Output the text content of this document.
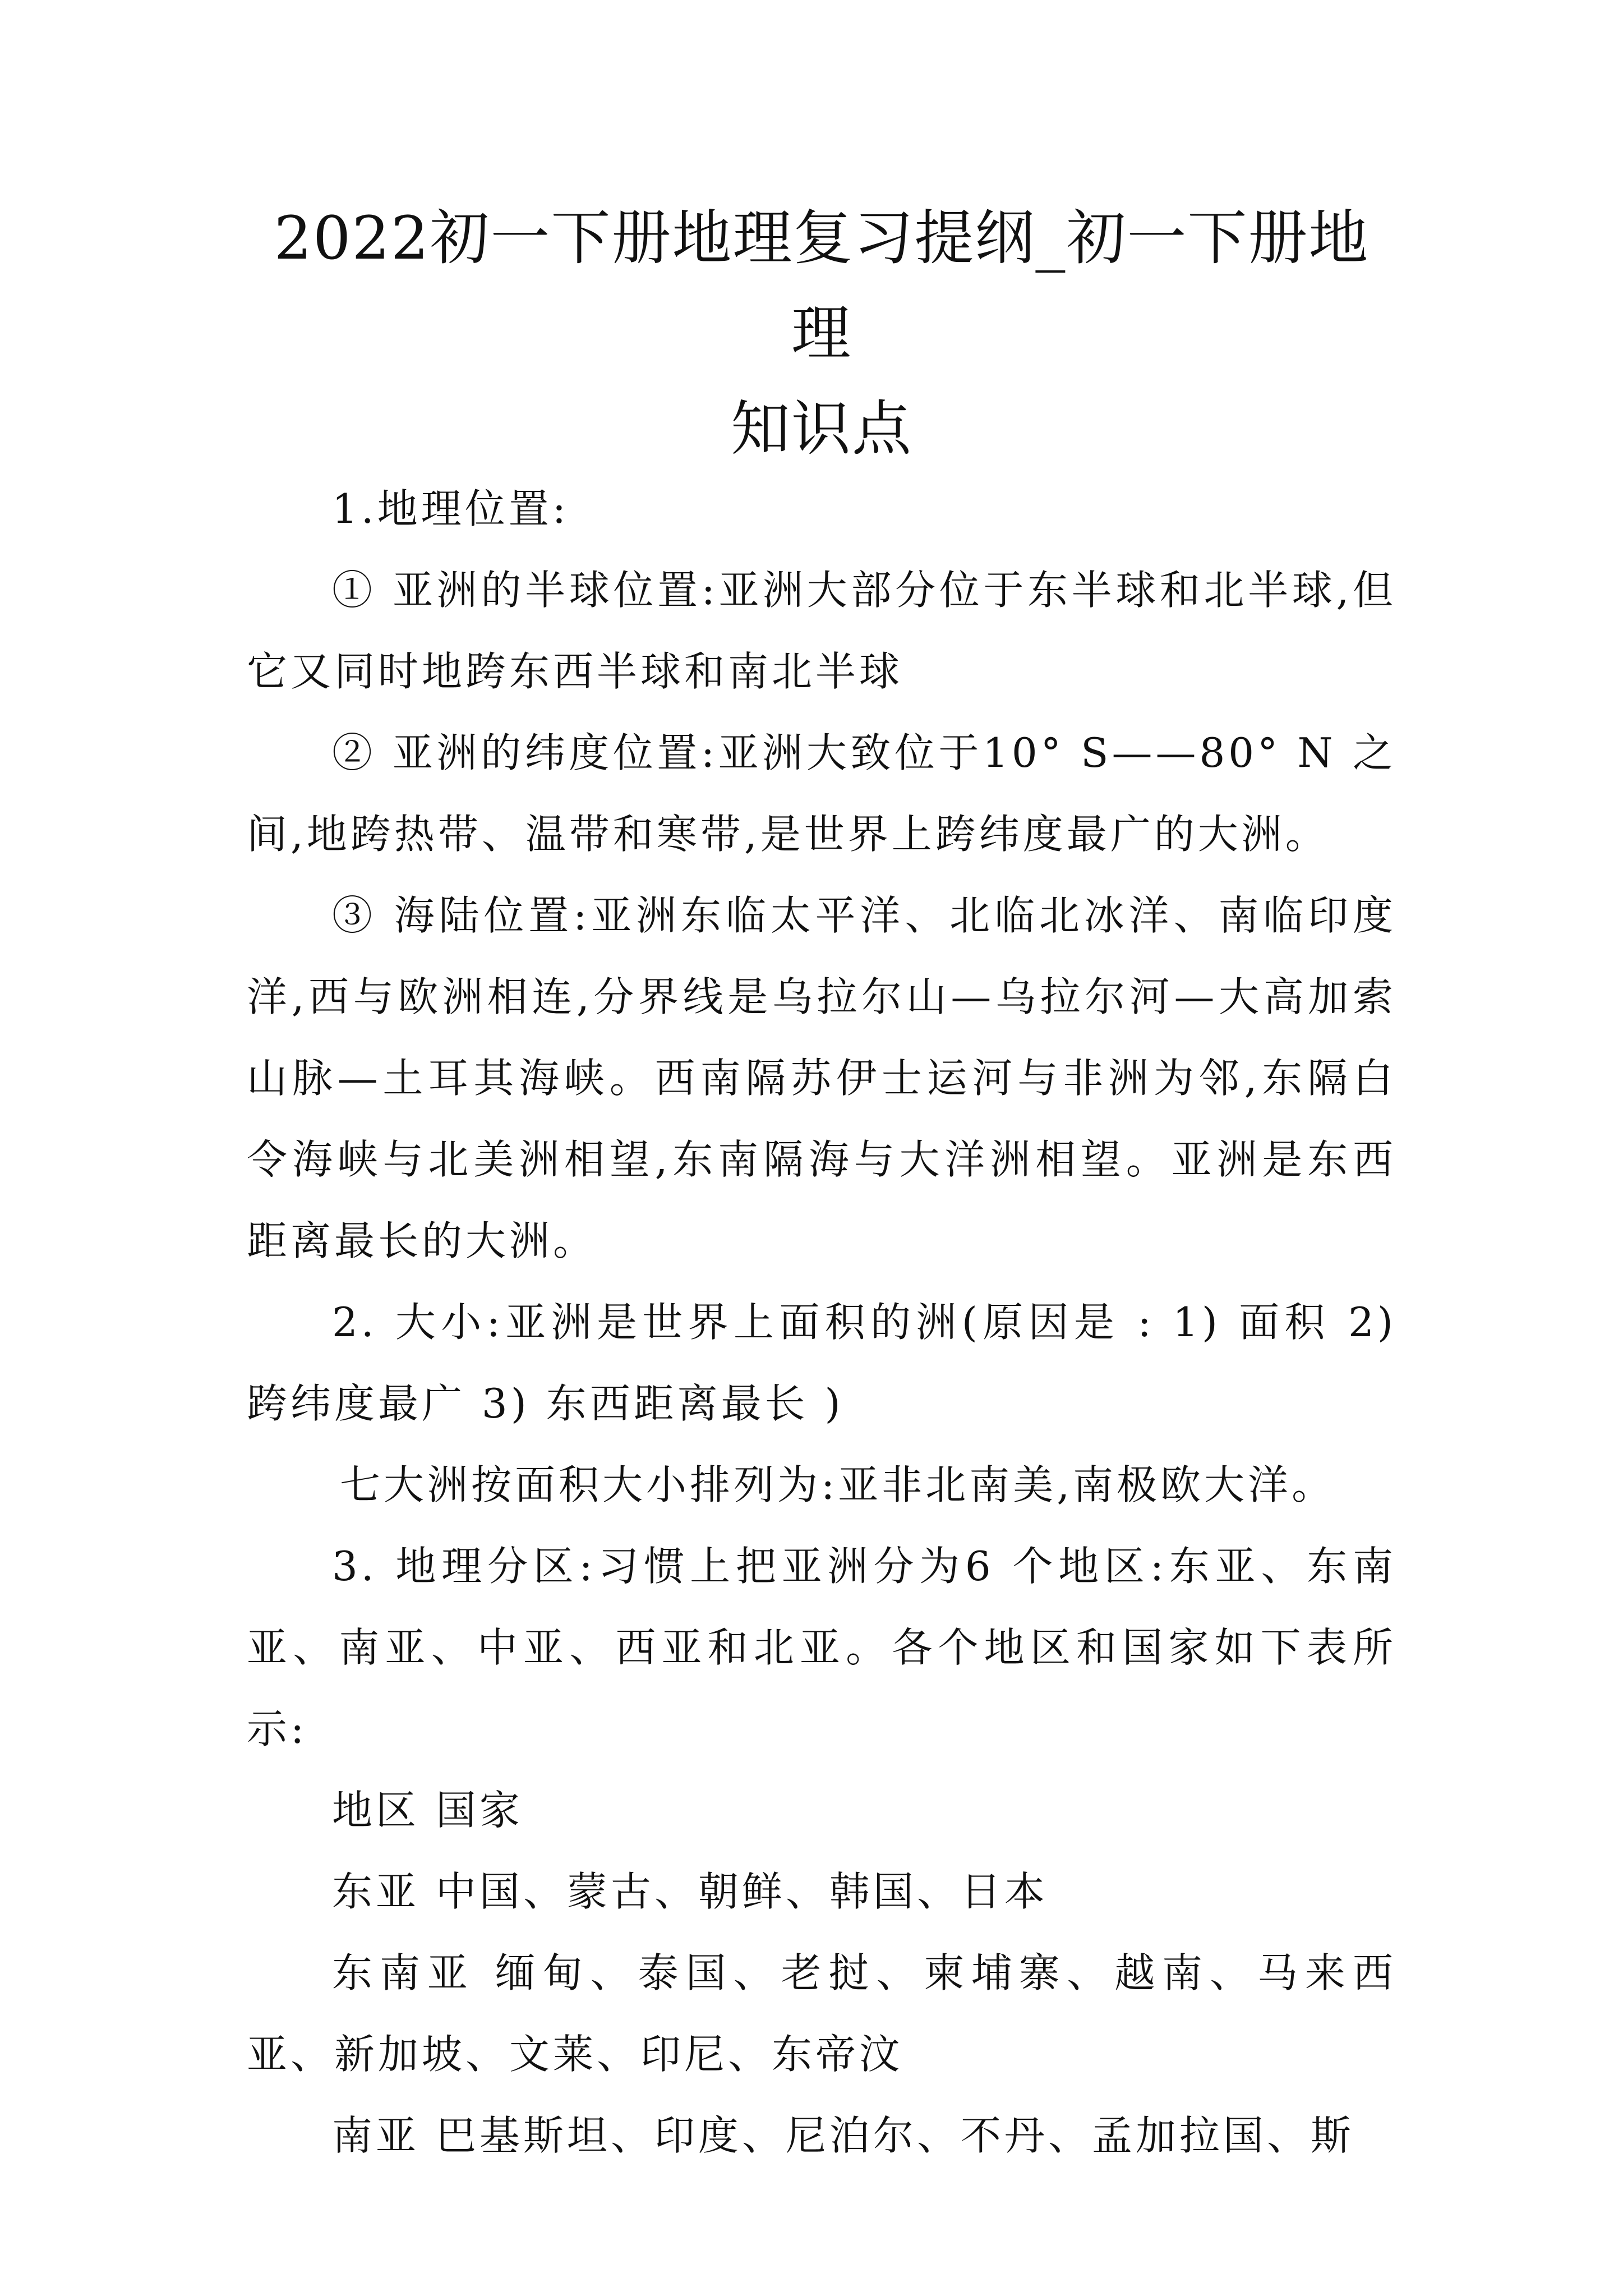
2022初一下册地理复习提纲_初一下册地理
知识点

1.地理位置:

① 亚洲的半球位置:亚洲大部分位于东半球和北半球,但它又同时地跨东西半球和南北半球

② 亚洲的纬度位置:亚洲大致位于10° S——80° N 之间,地跨热带、温带和寒带,是世界上跨纬度最广的大洲。

③ 海陆位置:亚洲东临太平洋、北临北冰洋、南临印度洋,西与欧洲相连,分界线是乌拉尔山—乌拉尔河—大高加索山脉—土耳其海峡。西南隔苏伊士运河与非洲为邻,东隔白令海峡与北美洲相望,东南隔海与大洋洲相望。亚洲是东西距离最长的大洲。

2. 大小:亚洲是世界上面积的洲(原因是 : 1) 面积 2) 跨纬度最广 3) 东西距离最长 )

七大洲按面积大小排列为:亚非北南美,南极欧大洋。

3. 地理分区:习惯上把亚洲分为6 个地区:东亚、东南亚、南亚、中亚、西亚和北亚。各个地区和国家如下表所示:

地区 国家

东亚 中国、蒙古、朝鲜、韩国、日本

东南亚 缅甸、泰国、老挝、柬埔寨、越南、马来西亚、新加坡、文莱、印尼、东帝汶

南亚 巴基斯坦、印度、尼泊尔、不丹、孟加拉国、斯
